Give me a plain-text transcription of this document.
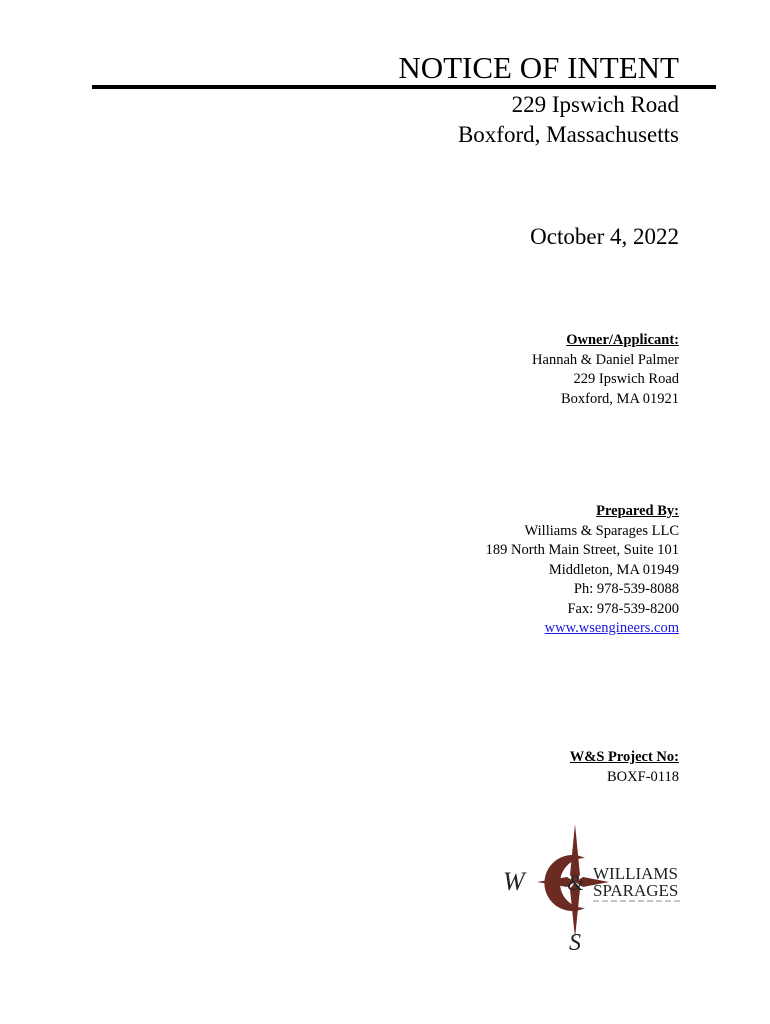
NOTICE OF INTENT
229 Ipswich Road
Boxford, Massachusetts
October 4, 2022
Owner/Applicant:
Hannah & Daniel Palmer
229 Ipswich Road
Boxford, MA 01921
Prepared By:
Williams & Sparages LLC
189 North Main Street, Suite 101
Middleton, MA 01949
Ph: 978-539-8088
Fax: 978-539-8200
www.wsengineers.com
W&S Project No:
BOXF-0118
W &
S
WILLIAMS
SPARAGES
